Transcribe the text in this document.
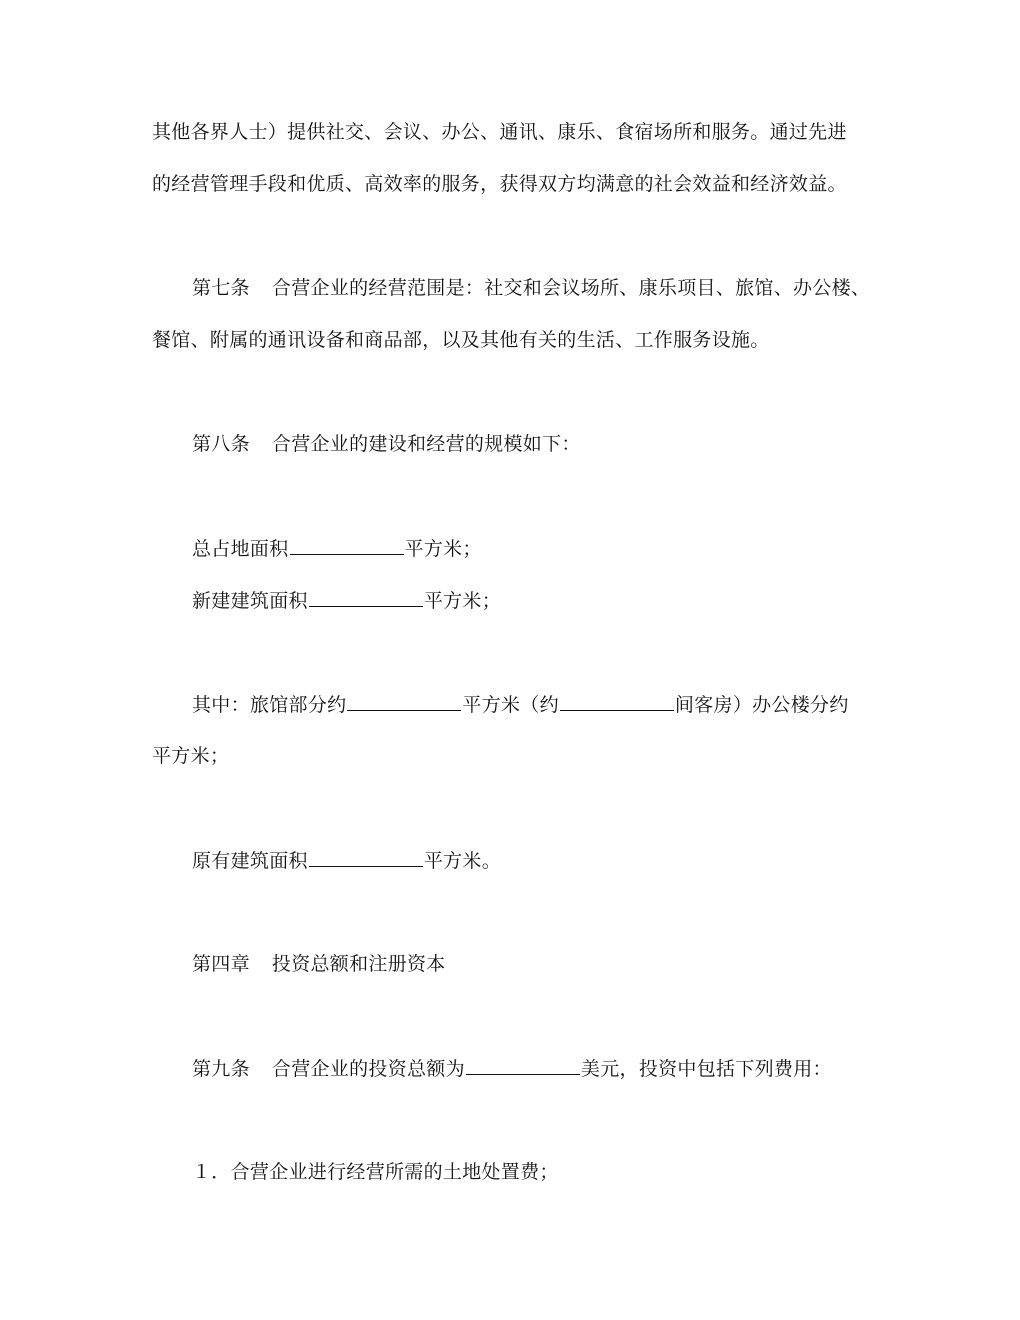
其他各界人士）提供社交、会议、办公、通讯、康乐、食宿场所和服务。通过先进
的经营管理手段和优质、高效率的服务，获得双方均满意的社会效益和经济效益。
第七条 合营企业的经营范围是：社交和会议场所、康乐项目、旅馆、办公楼、
餐馆、附属的通讯设备和商品部，以及其他有关的生活、工作服务设施。
第八条 合营企业的建设和经营的规模如下：
总占地面积	平方米；
新建建筑面积	平方米；
其中：旅馆部分约	平方米（约	间客房）办公楼分约
平方米；
原有建筑面积	平方米。
第四章 投资总额和注册资本
第九条 合营企业的投资总额为	美元，投资中包括下列费用：
１．合营企业进行经营所需的土地处置费；
